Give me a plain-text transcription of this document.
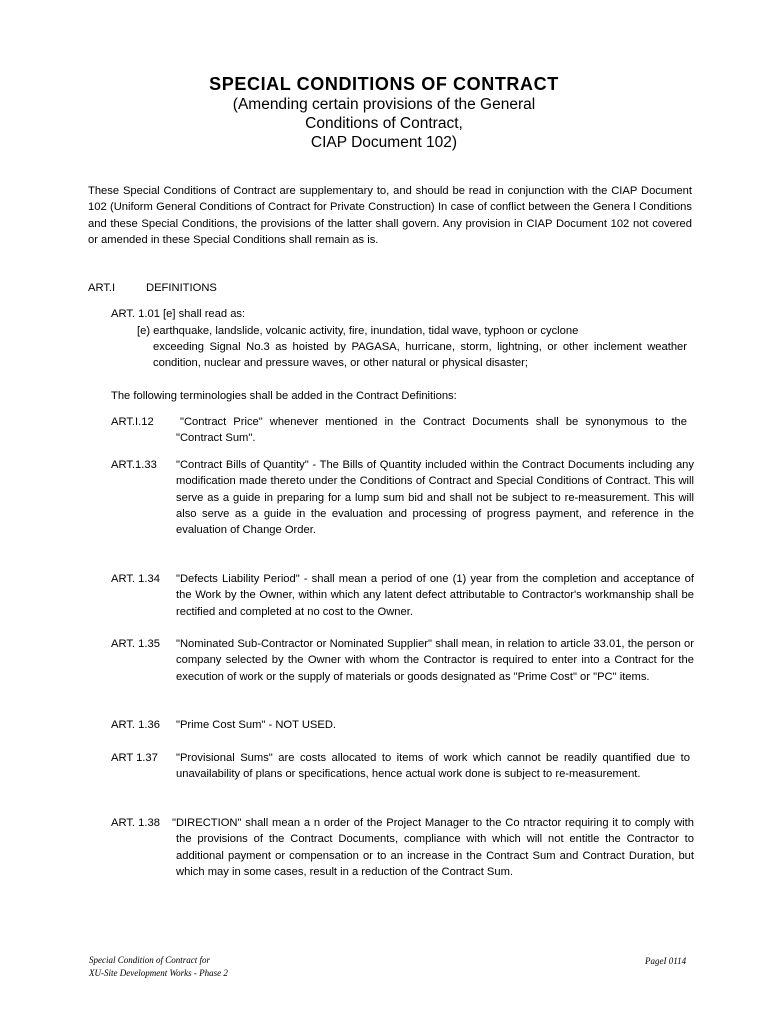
SPECIAL CONDITIONS OF CONTRACT
(Amending certain provisions of the General
Conditions of Contract,
CIAP Document 102)
These Special Conditions of Contract are supplementary to, and should be read in conjunction with the CIAP Document 102 (Uniform General Conditions of Contract for Private Construction) In case of conflict between the Genera l Conditions and these Special Conditions, the provisions of the latter shall govern. Any provision in CIAP Document 102 not covered or amended in these Special Conditions shall remain as is.
ART.I	DEFINITIONS
ART. 1.01 [e] shall read as:
[e) earthquake, landslide, volcanic activity, fire, inundation, tidal wave, typhoon or cyclone
exceeding Signal No.3 as hoisted by PAGASA, hurricane, storm, lightning, or other inclement weather condition, nuclear and pressure waves, or other natural or physical disaster;
The following terminologies shall be added in the Contract Definitions:
ART.I.12	"Contract Price" whenever mentioned in the Contract Documents shall be synonymous to the "Contract Sum".
ART.1.33 "Contract Bills of Quantity" - The Bills of Quantity included within the Contract Documents including any modification made thereto under the Conditions of Contract and Special Conditions of Contract. This will serve as a guide in preparing for a lump sum bid and shall not be subject to re-measurement. This will also serve as a guide in the evaluation and processing of progress payment, and reference in the evaluation of Change Order.
ART. 1.34 "Defects Liability Period" - shall mean a period of one (1) year from the completion and acceptance of the Work by the Owner, within which any latent defect attributable to Contractor's workmanship shall be rectified and completed at no cost to the Owner.
ART. 1.35 "Nominated Sub-Contractor or Nominated Supplier" shall mean, in relation to article 33.01, the person or company selected by the Owner with whom the Contractor is required to enter into a Contract for the execution of work or the supply of materials or goods designated as "Prime Cost" or "PC" items.
ART. 1.36 "Prime Cost Sum" - NOT USED.
ART 1.37 "Provisional Sums" are costs allocated to items of work which cannot be readily quantified due to unavailability of plans or specifications, hence actual work done is subject to re-measurement.
ART. 1.38 "DIRECTION" shall mean a n order of the Project Manager to the Co ntractor requiring it to comply with the provisions of the Contract Documents, compliance with which will not entitle the Contractor to additional payment or compensation or to an increase in the Contract Sum and Contract Duration, but which may in some cases, result in a reduction of the Contract Sum.
Special Condition of Contract for
XU-Site Development Works - Phase 2
PageI 0114
